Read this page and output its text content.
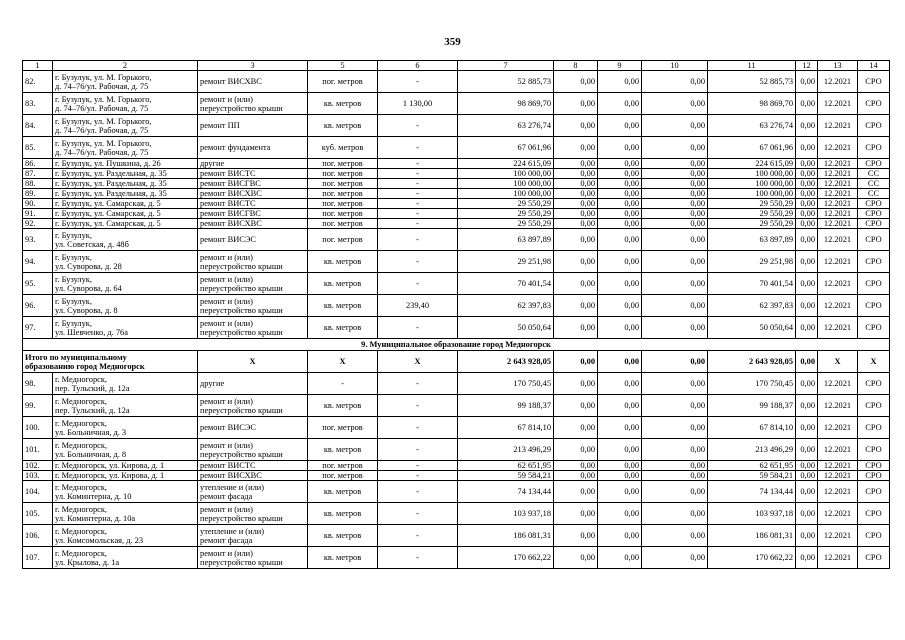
359
1	2	3	5	6	7	8	9	10	11	12	13	14
82.	г. Бузулук, ул. М. Горького,
д. 74–76/ул. Рабочая, д. 75	ремонт ВИСХВС	пог. метров	-	52 885,73	0,00	0,00	0,00	52 885,73	0,00	12.2021	СРО
83.	г. Бузулук, ул. М. Горького,
д. 74–76/ул. Рабочая, д. 75	ремонт и (или)
переустройство крыши	кв. метров	1 130,00	98 869,70	0,00	0,00	0,00	98 869,70	0,00	12.2021	СРО
84.	г. Бузулук, ул. М. Горького,
д. 74–76/ул. Рабочая, д. 75	ремонт ПП	кв. метров	-	63 276,74	0,00	0,00	0,00	63 276,74	0,00	12.2021	СРО
85.	г. Бузулук, ул. М. Горького,
д. 74–76/ул. Рабочая, д. 75	ремонт фундамента	куб. метров	-	67 061,96	0,00	0,00	0,00	67 061,96	0,00	12.2021	СРО
86.	г. Бузулук, ул. Пушкина, д. 26	другие	пог. метров	-	224 615,09	0,00	0,00	0,00	224 615,09	0,00	12.2021	СРО
87.	г. Бузулук, ул. Раздельная, д. 35	ремонт ВИСТС	пог. метров	-	100 000,00	0,00	0,00	0,00	100 000,00	0,00	12.2021	СС
88.	г. Бузулук, ул. Раздельная, д. 35	ремонт ВИСГВС	пог. метров	-	100 000,00	0,00	0,00	0,00	100 000,00	0,00	12.2021	СС
89.	г. Бузулук, ул. Раздельная, д. 35	ремонт ВИСХВС	пог. метров	-	100 000,00	0,00	0,00	0,00	100 000,00	0,00	12.2021	СС
90.	г. Бузулук, ул. Самарская, д. 5	ремонт ВИСТС	пог. метров	-	29 550,29	0,00	0,00	0,00	29 550,29	0,00	12.2021	СРО
91.	г. Бузулук, ул. Самарская, д. 5	ремонт ВИСГВС	пог. метров	-	29 550,29	0,00	0,00	0,00	29 550,29	0,00	12.2021	СРО
92.	г. Бузулук, ул. Самарская, д. 5	ремонт ВИСХВС	пог. метров	-	29 550,29	0,00	0,00	0,00	29 550,29	0,00	12.2021	СРО
93.	г. Бузулук,
ул. Советская, д. 48б	ремонт ВИСЭС	пог. метров	-	63 897,89	0,00	0,00	0,00	63 897,89	0,00	12.2021	СРО
94.	г. Бузулук,
ул. Суворова, д. 28	ремонт и (или)
переустройство крыши	кв. метров	-	29 251,98	0,00	0,00	0,00	29 251,98	0,00	12.2021	СРО
95.	г. Бузулук,
ул. Суворова, д. 64	ремонт и (или)
переустройство крыши	кв. метров	-	70 401,54	0,00	0,00	0,00	70 401,54	0,00	12.2021	СРО
96.	г. Бузулук,
ул. Суворова, д. 8	ремонт и (или)
переустройство крыши	кв. метров	239,40	62 397,83	0,00	0,00	0,00	62 397,83	0,00	12.2021	СРО
97.	г. Бузулук,
ул. Шевченко, д. 76а	ремонт и (или)
переустройство крыши	кв. метров	-	50 050,64	0,00	0,00	0,00	50 050,64	0,00	12.2021	СРО
9. Муниципальное образование город Медногорск												

Итого по муниципальному
образованию город Медногорск		X	X	X	2 643 928,05	0,00	0,00	0,00	2 643 928,05	0,00	X	X
98.	г. Медногорск,
пер. Тульский, д. 12а	другие	-	-	170 750,45	0,00	0,00	0,00	170 750,45	0,00	12.2021	СРО
99.	г. Медногорск,
пер. Тульский, д. 12а	ремонт и (или)
переустройство крыши	кв. метров	-	99 188,37	0,00	0,00	0,00	99 188,37	0,00	12.2021	СРО
100.	г. Медногорск,
ул. Больничная, д. 3	ремонт ВИСЭС	пог. метров	-	67 814,10	0,00	0,00	0,00	67 814,10	0,00	12.2021	СРО
101.	г. Медногорск,
ул. Больничная, д. 8	ремонт и (или)
переустройство крыши	кв. метров	-	213 496,29	0,00	0,00	0,00	213 496,29	0,00	12.2021	СРО
102.	г. Медногорск, ул. Кирова, д. 1	ремонт ВИСТС	пог. метров	-	62 651,95	0,00	0,00	0,00	62 651,95	0,00	12.2021	СРО
103.	г. Медногорск, ул. Кирова, д. 1	ремонт ВИСХВС	пог. метров	-	59 584,21	0,00	0,00	0,00	59 584,21	0,00	12.2021	СРО
104.	г. Медногорск,
ул. Коминтерна, д. 10	утепление и (или)
ремонт фасада	кв. метров	-	74 134,44	0,00	0,00	0,00	74 134,44	0,00	12.2021	СРО
105.	г. Медногорск,
ул. Коминтерна, д. 10а	ремонт и (или)
переустройство крыши	кв. метров	-	103 937,18	0,00	0,00	0,00	103 937,18	0,00	12.2021	СРО
106.	г. Медногорск,
ул. Комсомольская, д. 23	утепление и (или)
ремонт фасада	кв. метров	-	186 081,31	0,00	0,00	0,00	186 081,31	0,00	12.2021	СРО
107.	г. Медногорск,
ул. Крылова, д. 1а	ремонт и (или)
переустройство крыши	кв. метров	-	170 662,22	0,00	0,00	0,00	170 662,22	0,00	12.2021	СРО
